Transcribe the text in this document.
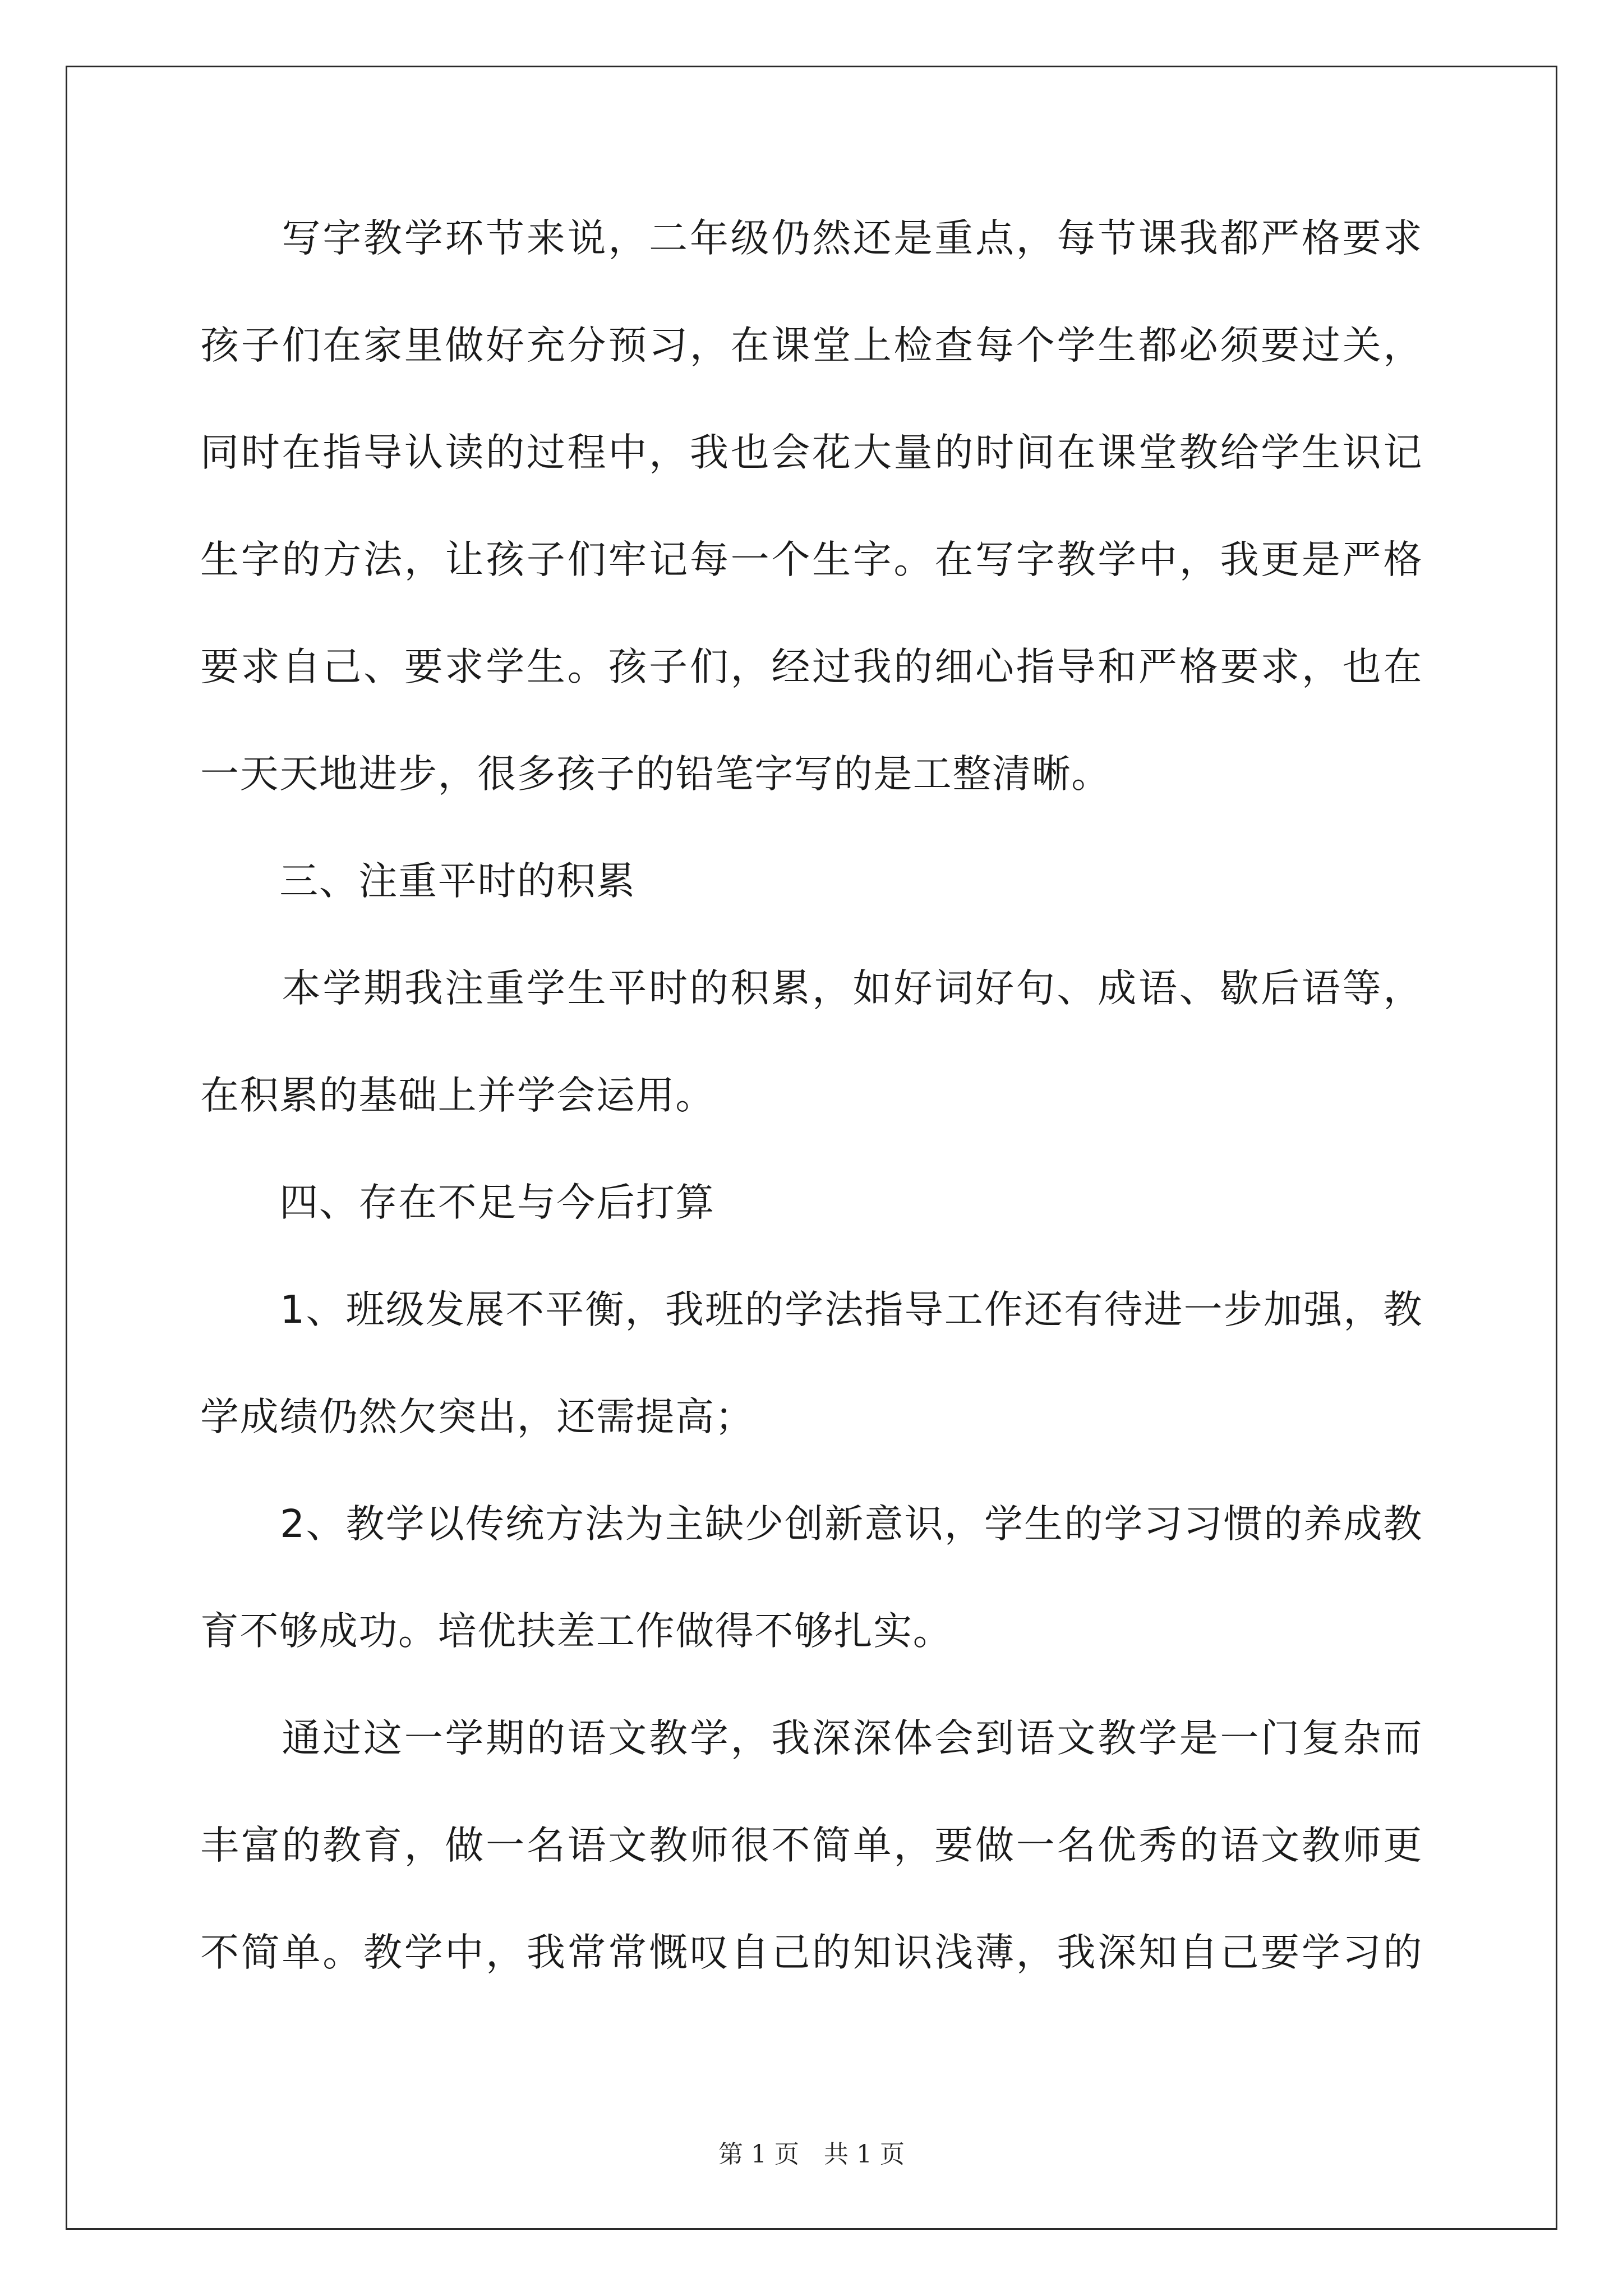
　　写字教学环节来说，二年级仍然还是重点，每节课我都严格要求
孩子们在家里做好充分预习，在课堂上检查每个学生都必须要过关，
同时在指导认读的过程中，我也会花大量的时间在课堂教给学生识记
生字的方法，让孩子们牢记每一个生字。在写字教学中，我更是严格
要求自己、要求学生。孩子们，经过我的细心指导和严格要求，也在
一天天地进步，很多孩子的铅笔字写的是工整清晰。
　　三、注重平时的积累
　　本学期我注重学生平时的积累，如好词好句、成语、歇后语等，
在积累的基础上并学会运用。
　　四、存在不足与今后打算
　　1、班级发展不平衡，我班的学法指导工作还有待进一步加强，教
学成绩仍然欠突出，还需提高；
　　2、教学以传统方法为主缺少创新意识，学生的学习习惯的养成教
育不够成功。培优扶差工作做得不够扎实。
　　通过这一学期的语文教学，我深深体会到语文教学是一门复杂而
丰富的教育，做一名语文教师很不简单，要做一名优秀的语文教师更
不简单。教学中，我常常慨叹自己的知识浅薄，我深知自己要学习的
第 1 页　共 1 页
